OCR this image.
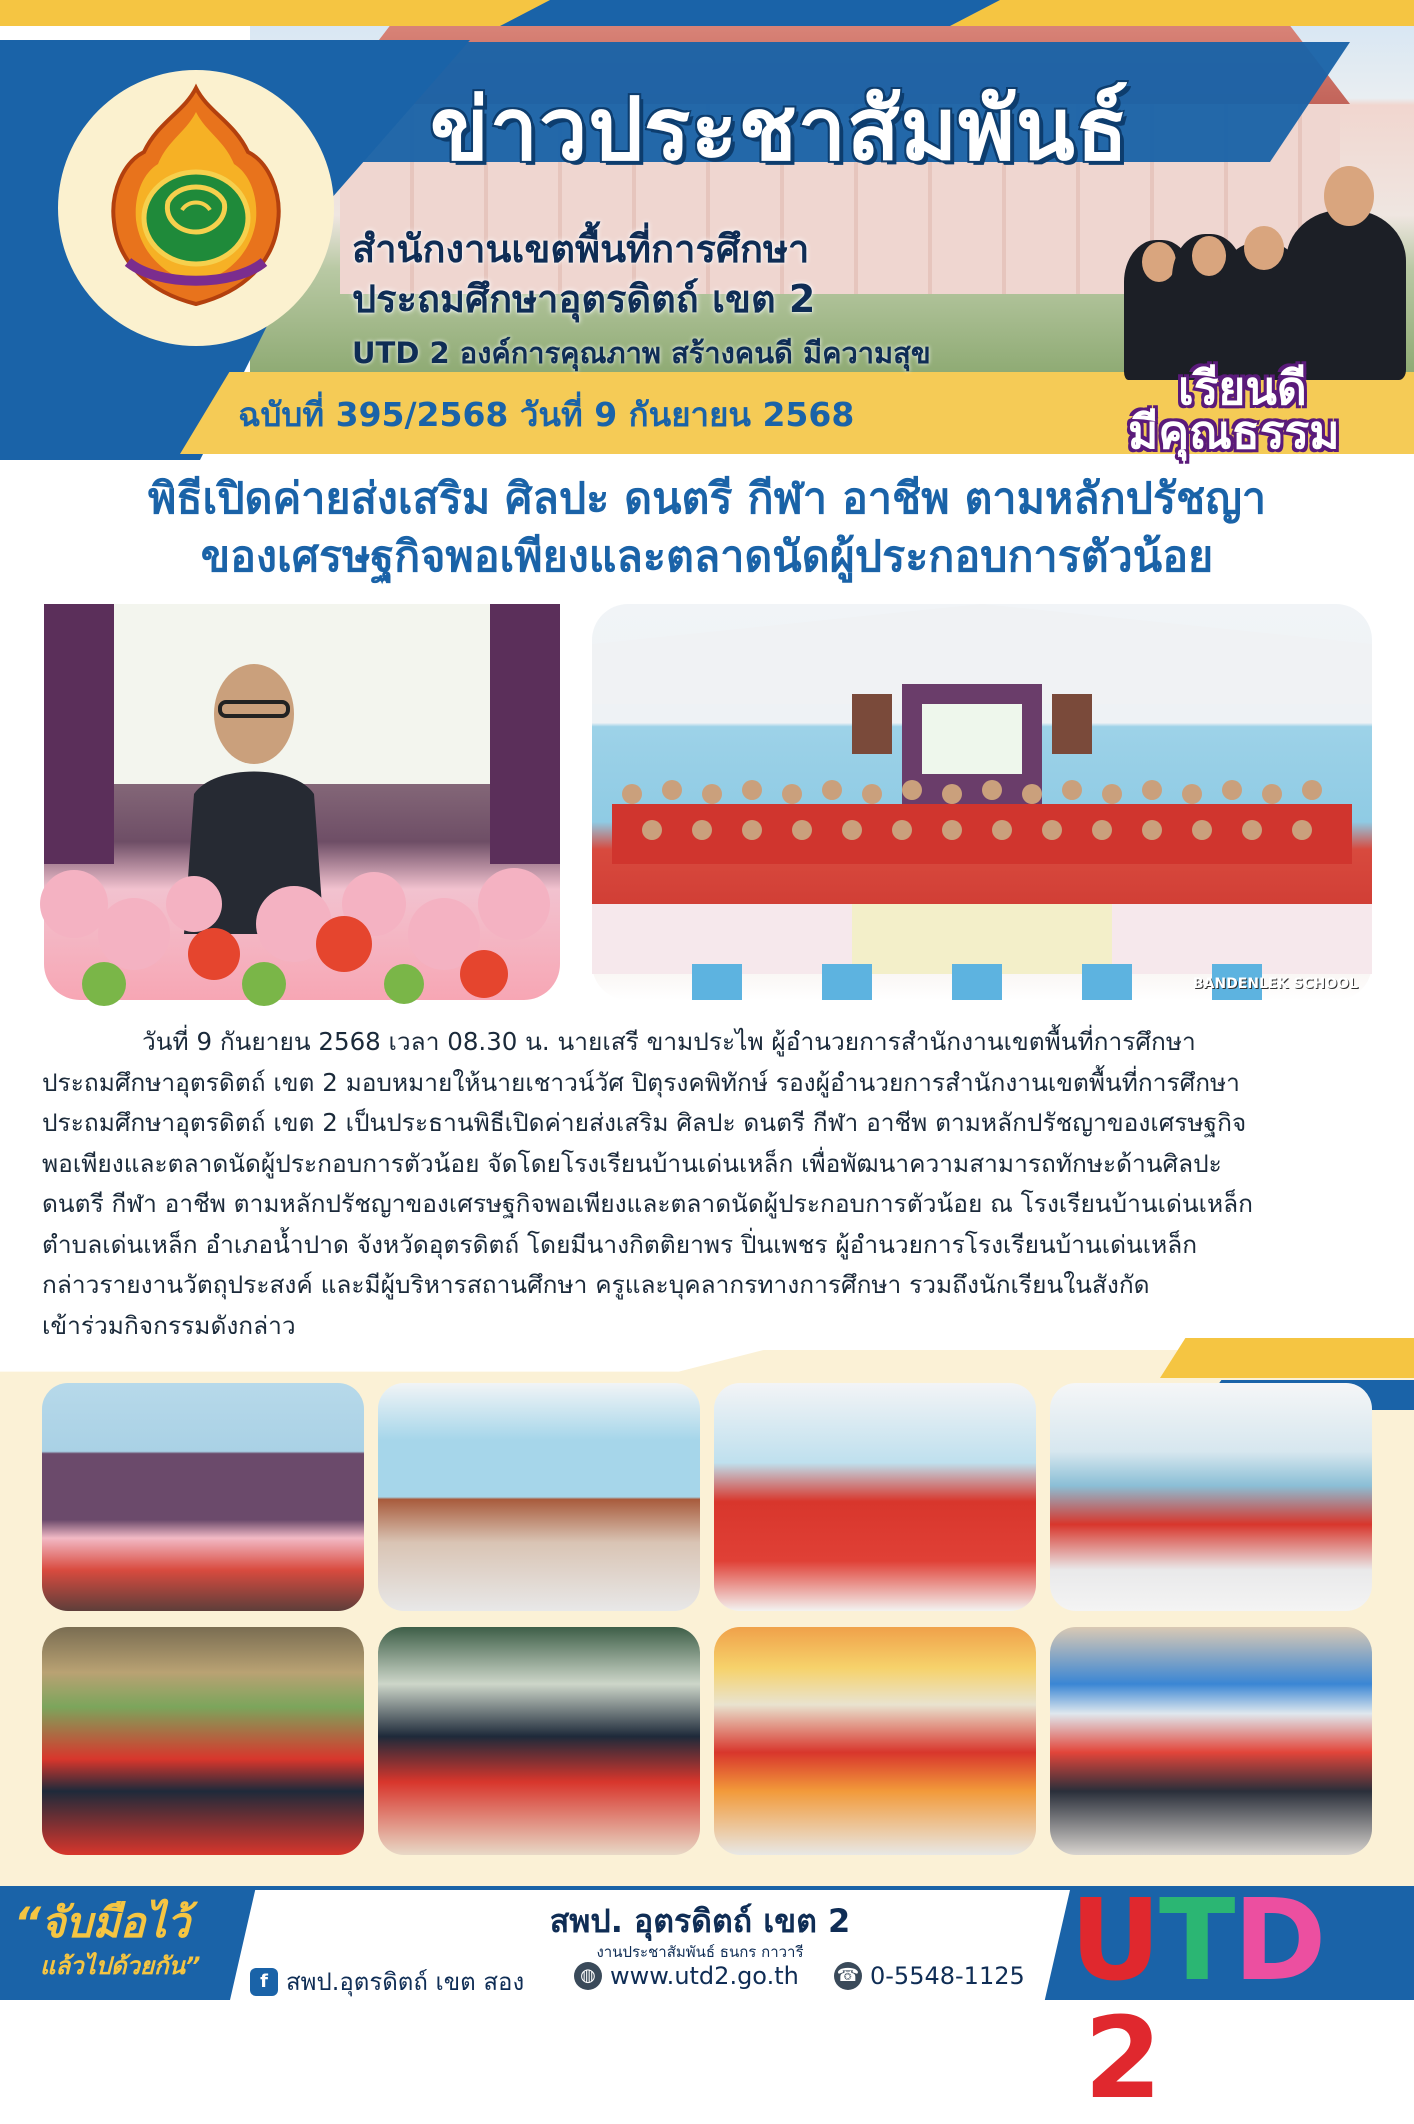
ข่าวประชาสัมพันธ์
สำนักงานเขตพื้นที่การศึกษา
ประถมศึกษาอุตรดิตถ์ เขต 2
UTD 2 องค์การคุณภาพ สร้างคนดี มีความสุข
ฉบับที่ 395/2568 วันที่ 9 กันยายน 2568	เรียนดี
มีคุณธรรม
พิธีเปิดค่ายส่งเสริม ศิลปะ ดนตรี กีฬา อาชีพ ตามหลักปรัชญา
ของเศรษฐกิจพอเพียงและตลาดนัดผู้ประกอบการตัวน้อย
BANDENLEK SCHOOL

วันที่ 9 กันยายน 2568 เวลา 08.30 น. นายเสรี ขามประไพ ผู้อำนวยการสำนักงานเขตพื้นที่การศึกษา

ประถมศึกษาอุตรดิตถ์ เขต 2 มอบหมายให้นายเชาวน์วัศ ปิตุรงคพิทักษ์ รองผู้อำนวยการสำนักงานเขตพื้นที่การศึกษา

ประถมศึกษาอุตรดิตถ์ เขต 2 เป็นประธานพิธีเปิดค่ายส่งเสริม ศิลปะ ดนตรี กีฬา อาชีพ ตามหลักปรัชญาของเศรษฐกิจ

พอเพียงและตลาดนัดผู้ประกอบการตัวน้อย จัดโดยโรงเรียนบ้านเด่นเหล็ก เพื่อพัฒนาความสามารถทักษะด้านศิลปะ

ดนตรี กีฬา อาชีพ ตามหลักปรัชญาของเศรษฐกิจพอเพียงและตลาดนัดผู้ประกอบการตัวน้อย ณ โรงเรียนบ้านเด่นเหล็ก

ตำบลเด่นเหล็ก อำเภอน้ำปาด จังหวัดอุตรดิตถ์ โดยมีนางกิตติยาพร ปิ่นเพชร ผู้อำนวยการโรงเรียนบ้านเด่นเหล็ก

กล่าวรายงานวัตถุประสงค์ และมีผู้บริหารสถานศึกษา ครูและบุคลากรทางการศึกษา รวมถึงนักเรียนในสังกัด

เข้าร่วมกิจกรรมดังกล่าว

“จับมือไว้
แล้วไปด้วยกัน”
สพป. อุตรดิตถ์ เขต 2
งานประชาสัมพันธ์ ธนกร กาวารี
f สพป.อุตรดิตถ์ เขต สอง	◍ www.utd2.go.th ☎ 0-5548-1125 UTD2
